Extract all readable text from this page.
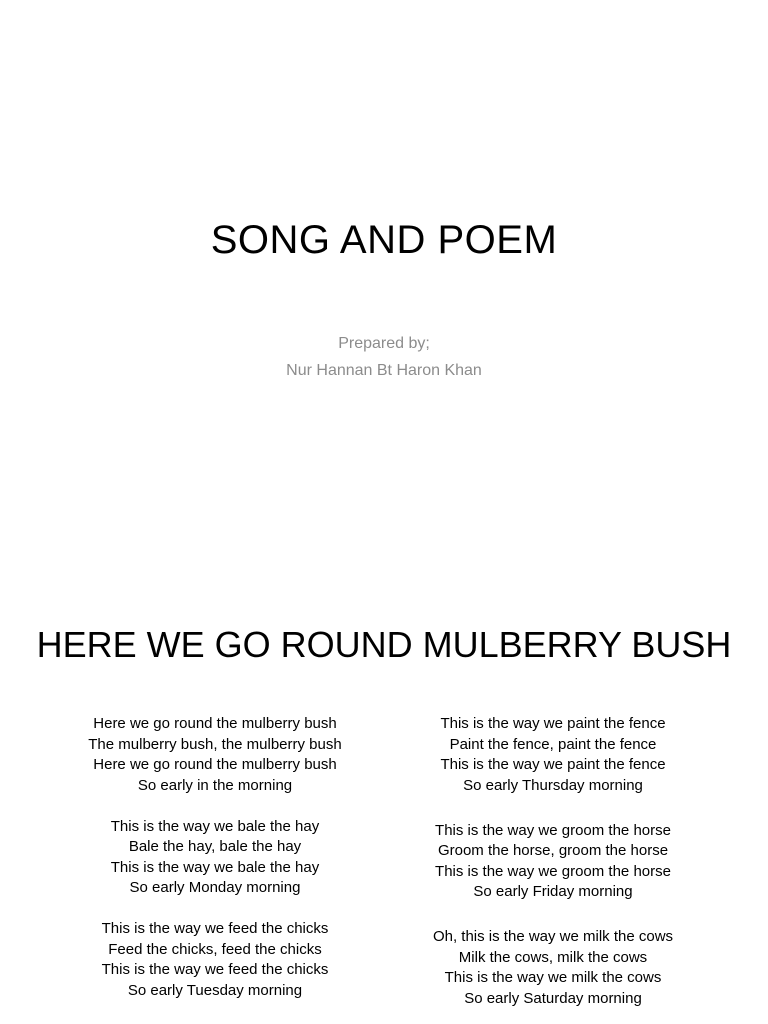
SONG AND POEM
Prepared by;
Nur Hannan Bt Haron Khan
HERE WE GO ROUND MULBERRY BUSH

Here we go round the mulberry bush
The mulberry bush, the mulberry bush
Here we go round the mulberry bush
So early in the morning

This is the way we bale the hay
Bale the hay, bale the hay
This is the way we bale the hay
So early Monday morning

This is the way we feed the chicks
Feed the chicks, feed the chicks
This is the way we feed the chicks
So early Tuesday morning

This is the way we paint the fence
Paint the fence, paint the fence
This is the way we paint the fence
So early Thursday morning

This is the way we groom the horse
Groom the horse, groom the horse
This is the way we groom the horse
So early Friday morning

Oh, this is the way we milk the cows
Milk the cows, milk the cows
This is the way we milk the cows
So early Saturday morning
